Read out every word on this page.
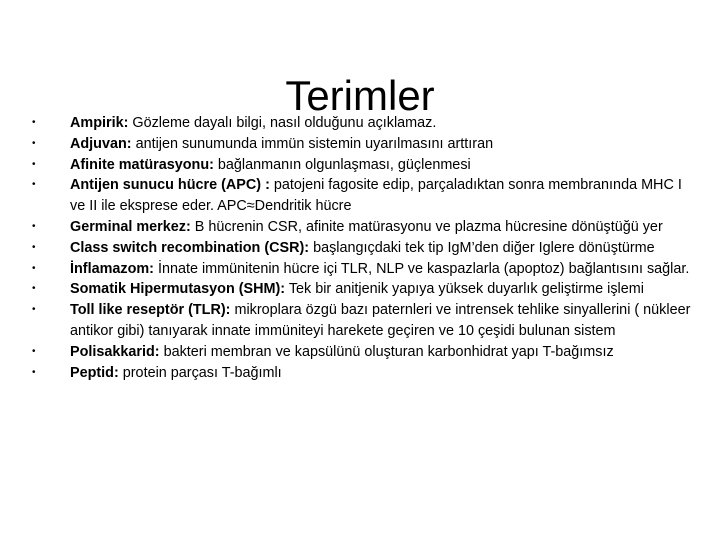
Terimler
• Ampirik: Gözleme dayalı bilgi, nasıl olduğunu açıklamaz.
• Adjuvan: antijen sunumunda immün sistemin uyarılmasını arttıran
• Afinite matürasyonu: bağlanmanın olgunlaşması, güçlenmesi
• Antijen sunucu hücre (APC) : patojeni fagosite edip, parçaladıktan sonra membranında MHC I ve II ile eksprese eder. APC≈Dendritik hücre
• Germinal merkez: B hücrenin CSR, afinite matürasyonu ve plazma hücresine dönüştüğü yer
• Class switch recombination (CSR): başlangıçdaki tek tip IgM’den diğer Iglere dönüştürme
• İnflamazom: İnnate immünitenin hücre içi TLR, NLP ve kaspazlarla (apoptoz) bağlantısını sağlar.
• Somatik Hipermutasyon (SHM): Tek bir anitjenik yapıya yüksek duyarlık geliştirme işlemi
• Toll like reseptör (TLR): mikroplara özgü bazı paternleri ve intrensek tehlike sinyallerini ( nükleer antikor gibi) tanıyarak innate immüniteyi harekete geçiren ve 10 çeşidi bulunan sistem
• Polisakkarid: bakteri membran ve kapsülünü oluşturan karbonhidrat yapı T-bağımsız
• Peptid: protein parçası T-bağımlı
